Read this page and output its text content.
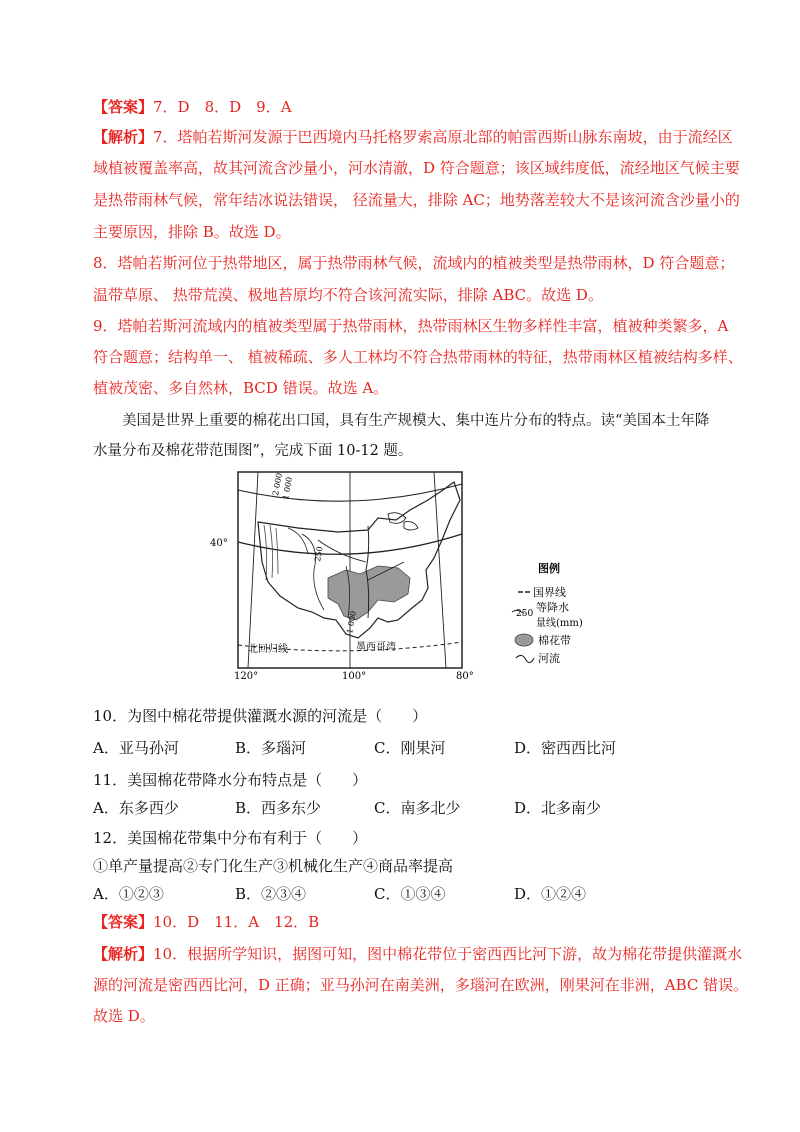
【答案】7．D　8．D　9．A
【解析】7．塔帕若斯河发源于巴西境内马托格罗索高原北部的帕雷西斯山脉东南坡，由于流经区
域植被覆盖率高，故其河流含沙量小，河水清澈，D 符合题意；该区域纬度低，流经地区气候主要
是热带雨林气候，常年结冰说法错误， 径流量大，排除 AC；地势落差较大不是该河流含沙量小的
主要原因，排除 B。故选 D。
8．塔帕若斯河位于热带地区，属于热带雨林气候，流域内的植被类型是热带雨林，D 符合题意；
温带草原、 热带荒漠、极地苔原均不符合该河流实际，排除 ABC。故选 D。
9．塔帕若斯河流域内的植被类型属于热带雨林，热带雨林区生物多样性丰富，植被种类繁多，A
符合题意；结构单一、 植被稀疏、多人工林均不符合热带雨林的特征，热带雨林区植被结构多样、
植被茂密、多自然林，BCD 错误。故选 A。
美国是世界上重要的棉花出口国，具有生产规模大、集中连片分布的特点。读“美国本土年降
水量分布及棉花带范围图”，完成下面 10-12 题。
2 000
1 000
250
1 000
北回归线	墨西哥湾
40°
120°	100°	80°
图例
国界线
250 等降水
量线(mm)
棉花带
河流
10．为图中棉花带提供灌溉水源的河流是（　　）
A．亚马孙河	B．多瑙河	C．刚果河	D．密西西比河
11．美国棉花带降水分布特点是（　　）
A．东多西少	B．西多东少	C．南多北少	D．北多南少
12．美国棉花带集中分布有利于（　　）
①单产量提高②专门化生产③机械化生产④商品率提高
A．①②③	B．②③④	C．①③④	D．①②④
【答案】10．D　11．A　12．B
【解析】10．根据所学知识，据图可知，图中棉花带位于密西西比河下游，故为棉花带提供灌溉水
源的河流是密西西比河，D 正确；亚马孙河在南美洲，多瑙河在欧洲，刚果河在非洲，ABC 错误。
故选 D。
